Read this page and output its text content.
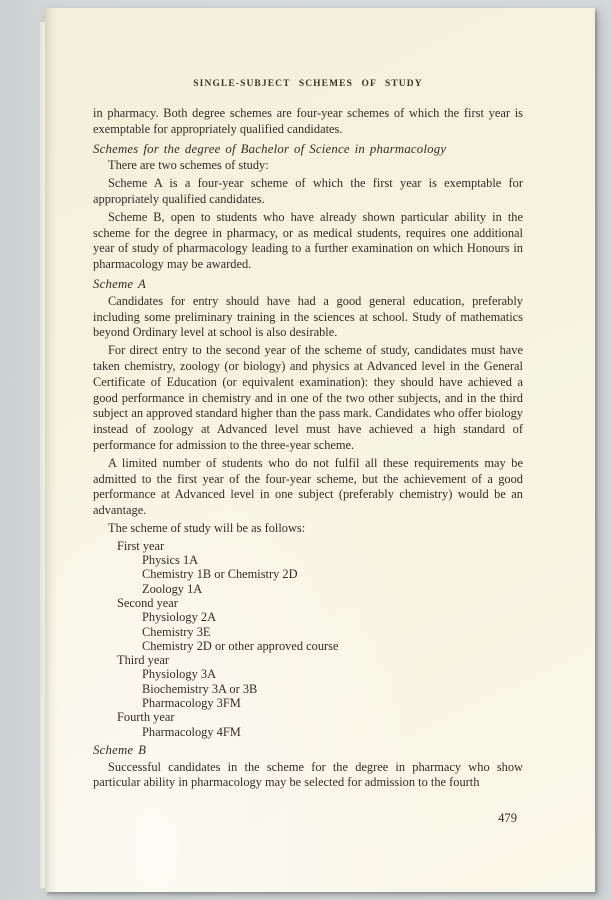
SINGLE-SUBJECT SCHEMES OF STUDY

in pharmacy. Both degree schemes are four-year schemes of which the first year is exemptable for appropriately qualified candidates.

Schemes for the degree of Bachelor of Science in pharmacology

There are two schemes of study:

Scheme A is a four-year scheme of which the first year is exemptable for appropriately qualified candidates.

Scheme B, open to students who have already shown particular ability in the scheme for the degree in pharmacy, or as medical students, requires one additional year of study of pharmacology leading to a further examination on which Honours in pharmacology may be awarded.

Scheme A

Candidates for entry should have had a good general education, preferably including some preliminary training in the sciences at school. Study of mathematics beyond Ordinary level at school is also desirable.

For direct entry to the second year of the scheme of study, candidates must have taken chemistry, zoology (or biology) and physics at Advanced level in the General Certificate of Education (or equivalent examination): they should have achieved a good performance in chemistry and in one of the two other subjects, and in the third subject an approved standard higher than the pass mark. Candidates who offer biology instead of zoology at Advanced level must have achieved a high standard of performance for admission to the three-year scheme.

A limited number of students who do not fulfil all these requirements may be admitted to the first year of the four-year scheme, but the achievement of a good performance at Advanced level in one subject (preferably chemistry) would be an advantage.

The scheme of study will be as follows:

First year
Physics 1A
Chemistry 1B or Chemistry 2D
Zoology 1A
Second year
Physiology 2A
Chemistry 3E
Chemistry 2D or other approved course
Third year
Physiology 3A
Biochemistry 3A or 3B
Pharmacology 3FM
Fourth year
Pharmacology 4FM
Scheme B

Successful candidates in the scheme for the degree in pharmacy who show particular ability in pharmacology may be selected for admission to the fourth

479
